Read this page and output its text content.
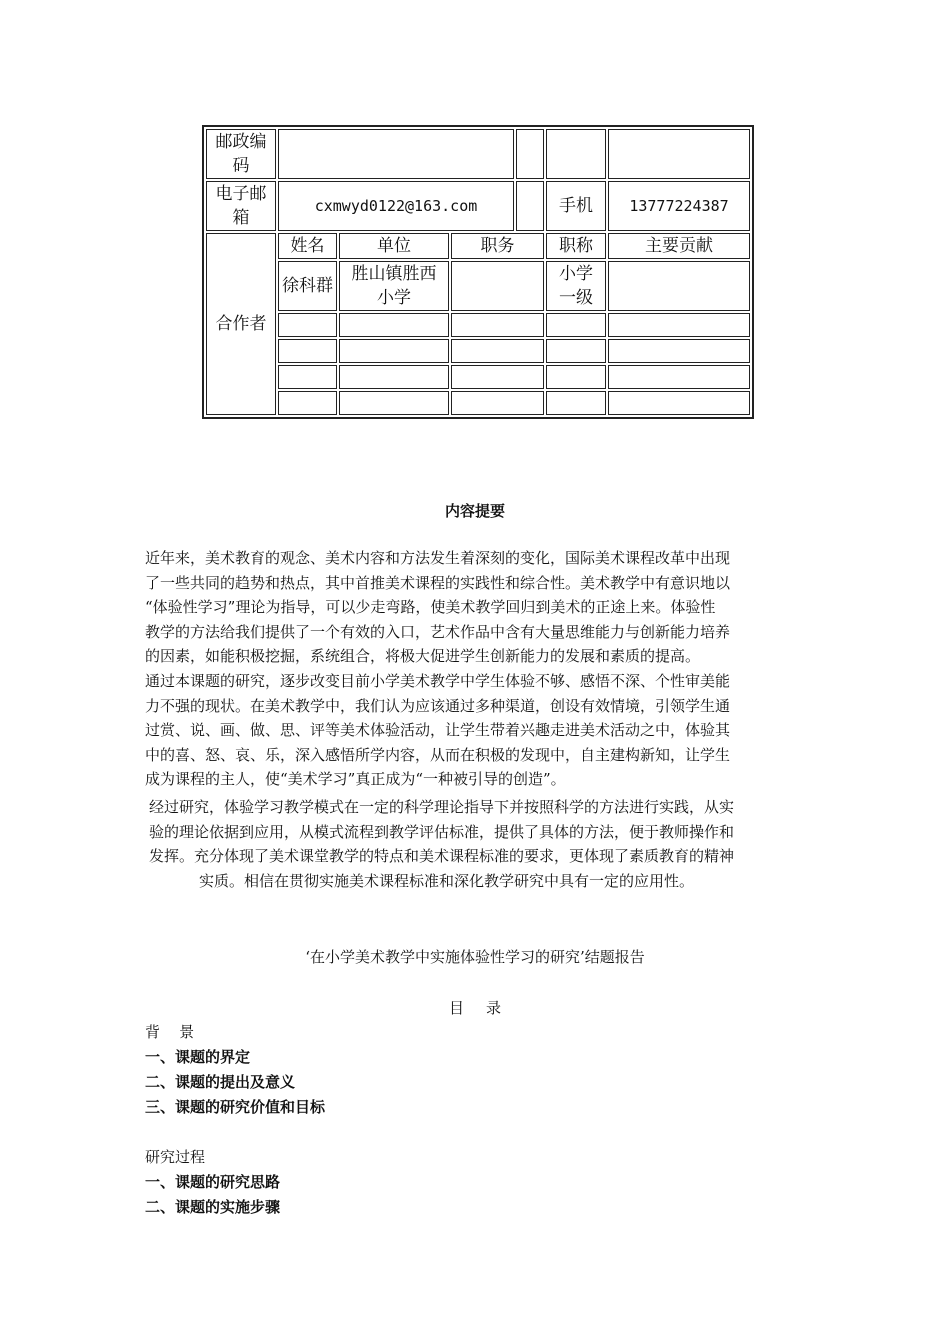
邮政编码						

电子邮箱	cxmwyd0122@163.com				手机	13777224387
合作者	姓名	单位	职务		职称	主要贡献
	徐科群	胜山镇胜西小学			小学一级	

内容提要
近年来，美术教育的观念、美术内容和方法发生着深刻的变化，国际美术课程改革中出现
了一些共同的趋势和热点，其中首推美术课程的实践性和综合性。美术教学中有意识地以
“体验性学习”理论为指导，可以少走弯路，使美术教学回归到美术的正途上来。体验性
教学的方法给我们提供了一个有效的入口，艺术作品中含有大量思维能力与创新能力培养
的因素，如能积极挖掘，系统组合，将极大促进学生创新能力的发展和素质的提高。
通过本课题的研究，逐步改变目前小学美术教学中学生体验不够、感悟不深、个性审美能
力不强的现状。在美术教学中，我们认为应该通过多种渠道，创设有效情境，引领学生通
过赏、说、画、做、思、评等美术体验活动，让学生带着兴趣走进美术活动之中，体验其
中的喜、怒、哀、乐，深入感悟所学内容，从而在积极的发现中，自主建构新知，让学生
成为课程的主人，使“美术学习”真正成为“一种被引导的创造”。
经过研究，体验学习教学模式在一定的科学理论指导下并按照科学的方法进行实践，从实
验的理论依据到应用，从模式流程到教学评估标准，提供了具体的方法，便于教师操作和
发挥。充分体现了美术课堂教学的特点和美术课程标准的要求，更体现了素质教育的精神
实质。相信在贯彻实施美术课程标准和深化教学研究中具有一定的应用性。
‘在小学美术教学中实施体验性学习的研究’结题报告
目录
背    景
一、课题的界定
二、课题的提出及意义
三、课题的研究价值和目标
研究过程
一、课题的研究思路
二、课题的实施步骤
